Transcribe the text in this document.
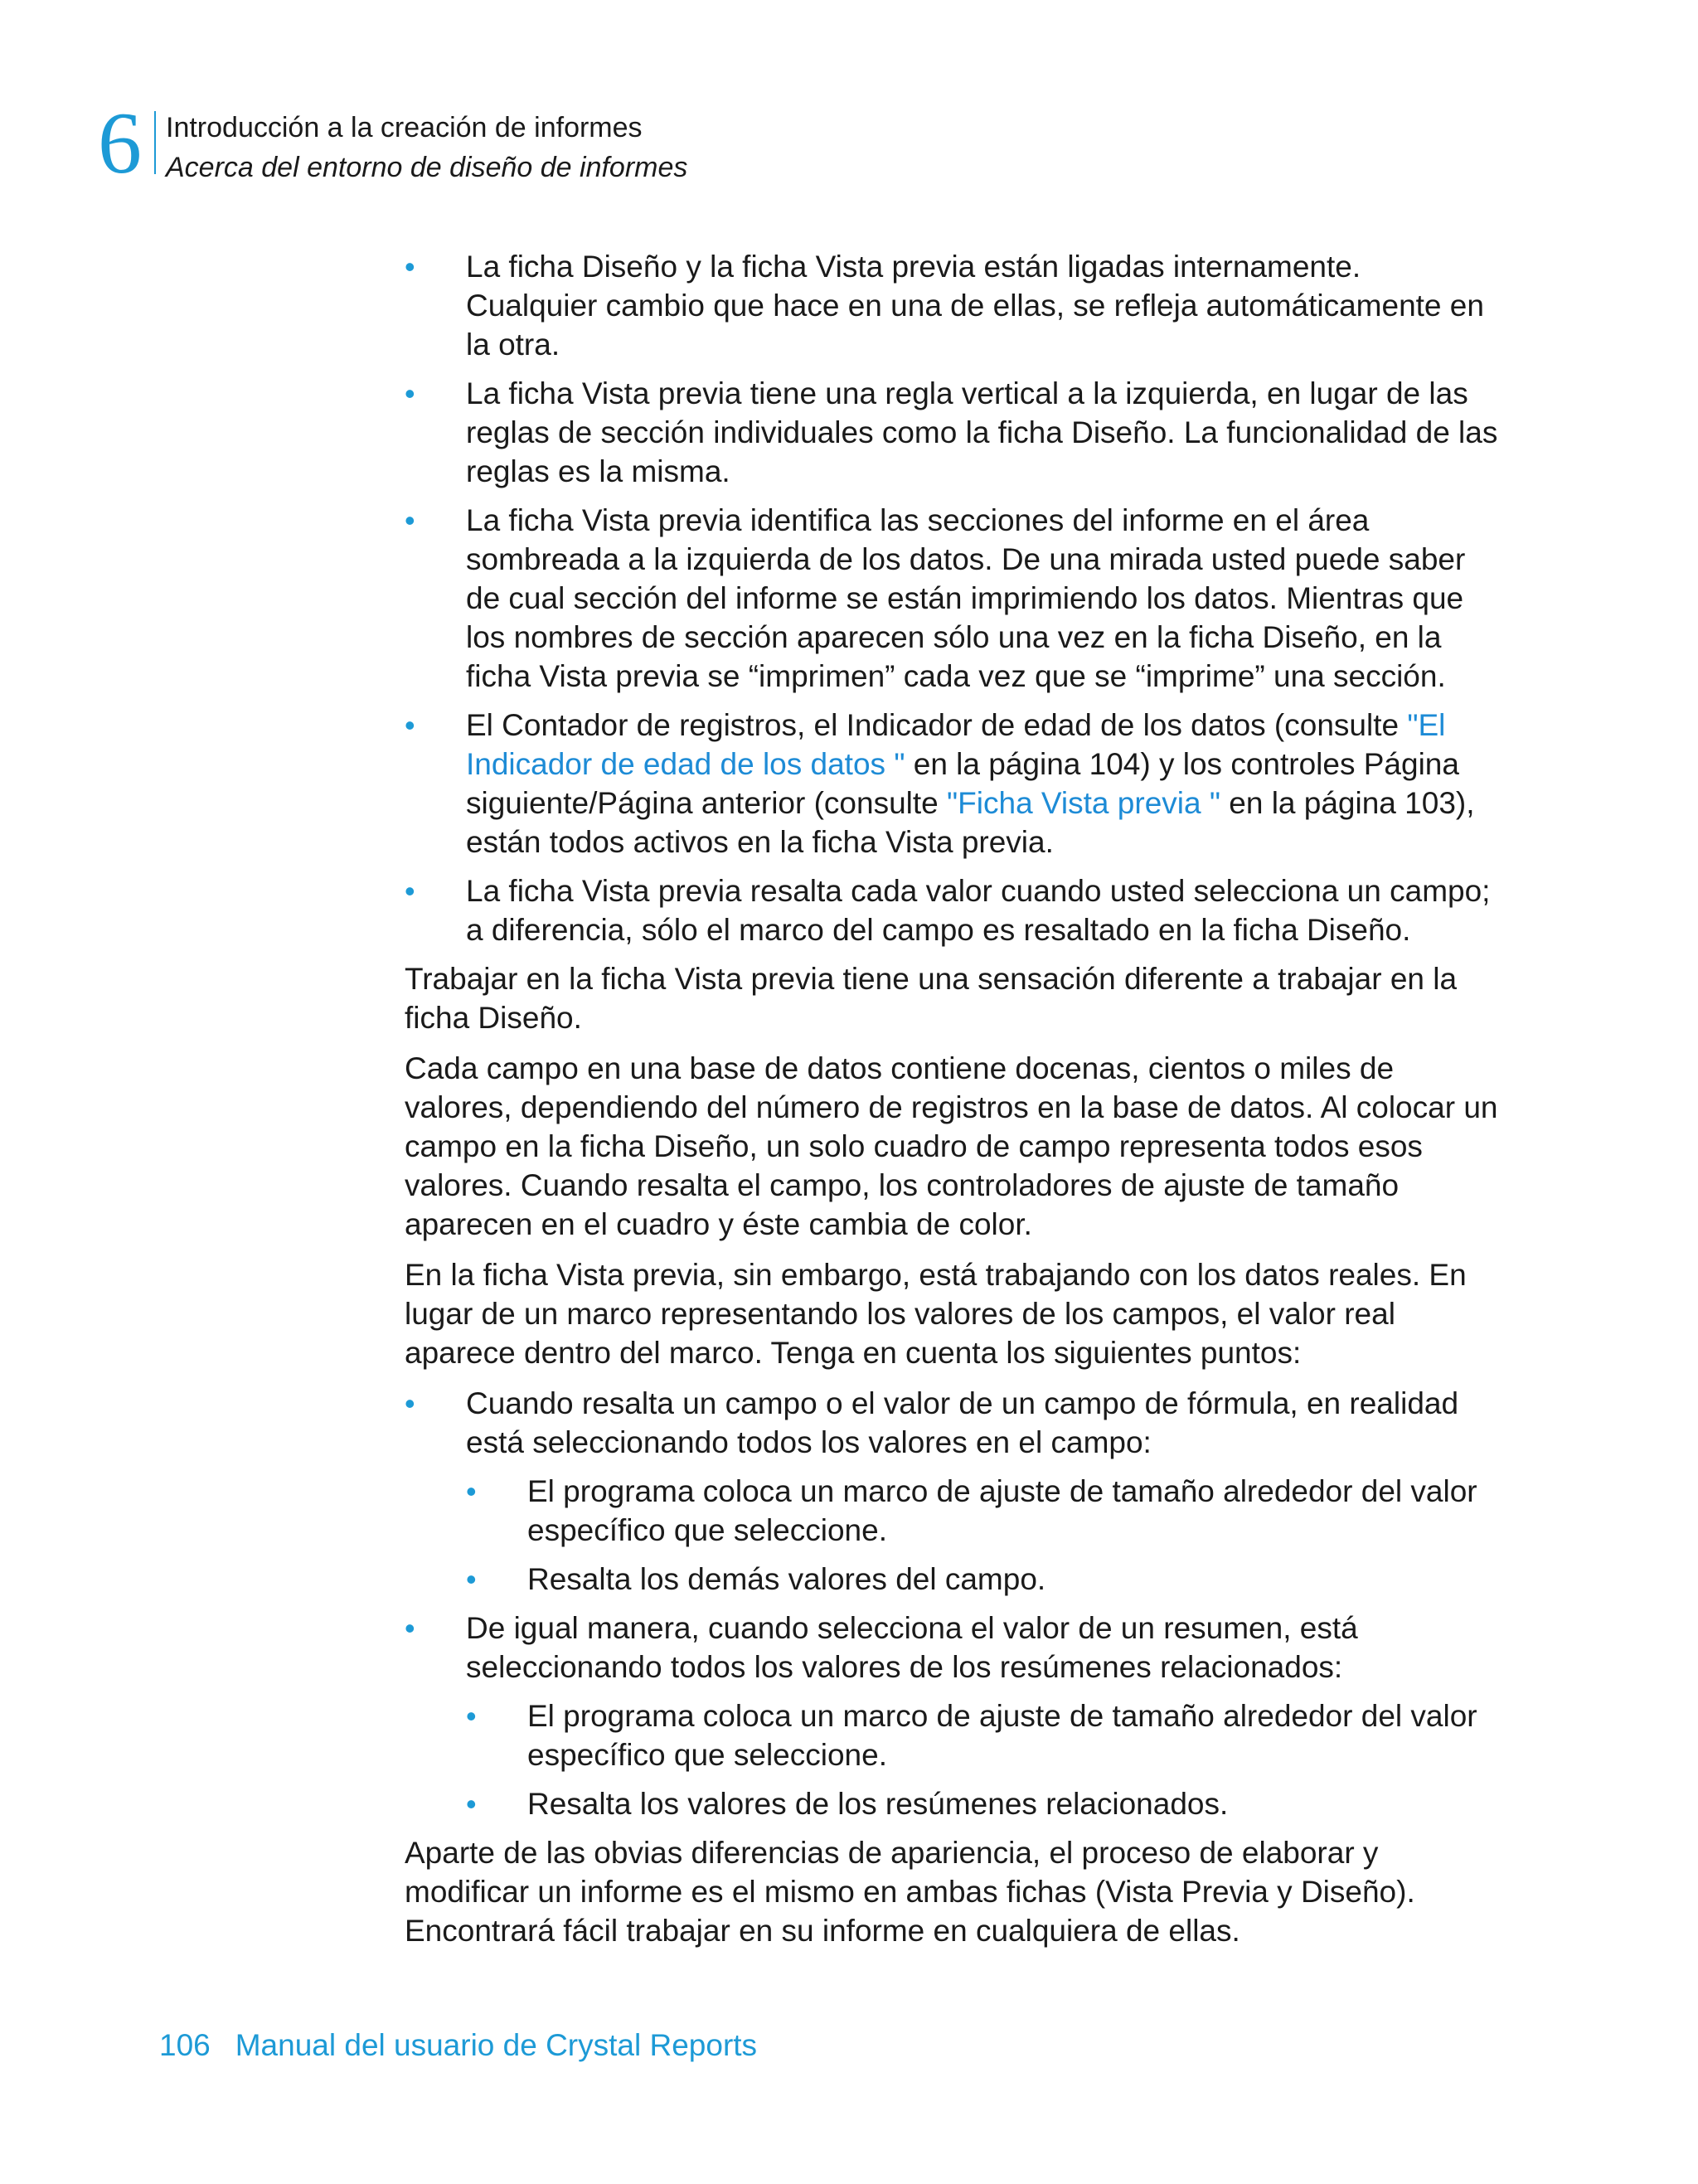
6 Introducción a la creación de informes
Acerca del entorno de diseño de informes
• La ficha Diseño y la ficha Vista previa están ligadas internamente. Cualquier cambio que hace en una de ellas, se refleja automáticamente en la otra.
• La ficha Vista previa tiene una regla vertical a la izquierda, en lugar de las reglas de sección individuales como la ficha Diseño. La funcionalidad de las reglas es la misma.
• La ficha Vista previa identifica las secciones del informe en el área sombreada a la izquierda de los datos. De una mirada usted puede saber de cual sección del informe se están imprimiendo los datos. Mientras que los nombres de sección aparecen sólo una vez en la ficha Diseño, en la ficha Vista previa se “imprimen” cada vez que se “imprime” una sección.
• El Contador de registros, el Indicador de edad de los datos (consulte "El Indicador de edad de los datos " en la página 104) y los controles Página siguiente/Página anterior (consulte "Ficha Vista previa " en la página 103), están todos activos en la ficha Vista previa.
• La ficha Vista previa resalta cada valor cuando usted selecciona un campo; a diferencia, sólo el marco del campo es resaltado en la ficha Diseño.

Trabajar en la ficha Vista previa tiene una sensación diferente a trabajar en la ficha Diseño.

Cada campo en una base de datos contiene docenas, cientos o miles de valores, dependiendo del número de registros en la base de datos. Al colocar un campo en la ficha Diseño, un solo cuadro de campo representa todos esos valores. Cuando resalta el campo, los controladores de ajuste de tamaño aparecen en el cuadro y éste cambia de color.

En la ficha Vista previa, sin embargo, está trabajando con los datos reales. En lugar de un marco representando los valores de los campos, el valor real aparece dentro del marco. Tenga en cuenta los siguientes puntos:

• Cuando resalta un campo o el valor de un campo de fórmula, en realidad está seleccionando todos los valores en el campo:
• El programa coloca un marco de ajuste de tamaño alrededor del valor específico que seleccione.
• Resalta los demás valores del campo.
• De igual manera, cuando selecciona el valor de un resumen, está seleccionando todos los valores de los resúmenes relacionados:
• El programa coloca un marco de ajuste de tamaño alrededor del valor específico que seleccione.
• Resalta los valores de los resúmenes relacionados.

Aparte de las obvias diferencias de apariencia, el proceso de elaborar y modificar un informe es el mismo en ambas fichas (Vista Previa y Diseño). Encontrará fácil trabajar en su informe en cualquiera de ellas.

106 Manual del usuario de Crystal Reports
